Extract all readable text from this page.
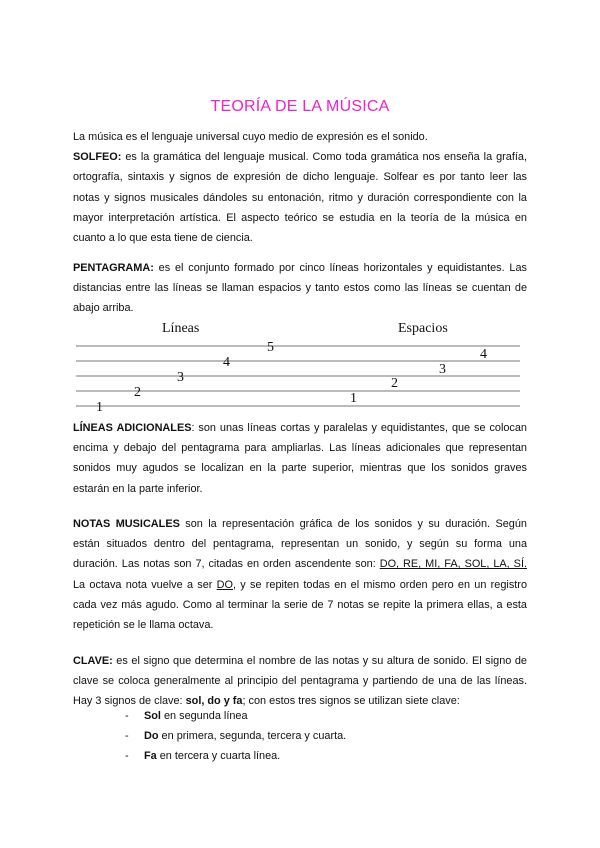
TEORÍA DE LA MÚSICA
La música es el lenguaje universal cuyo medio de expresión es el sonido.
SOLFEO: es la gramática del lenguaje musical. Como toda gramática nos enseña la grafía, ortografía, sintaxis y signos de expresión de dicho lenguaje. Solfear es por tanto leer las notas y signos musicales dándoles su entonación, ritmo y duración correspondiente con la mayor interpretación artística. El aspecto teórico se estudia en la teoría de la música en cuanto a lo que esta tiene de ciencia.
PENTAGRAMA: es el conjunto formado por cinco líneas horizontales y equidistantes. Las distancias entre las líneas se llaman espacios y tanto estos como las líneas se cuentan de abajo arriba.
Líneas	Espacios
1
2
3
4
5
1
2
3
4
LÍNEAS ADICIONALES: son unas líneas cortas y paralelas y equidistantes, que se colocan encima y debajo del pentagrama para ampliarlas. Las líneas adicionales que representan sonidos muy agudos se localizan en la parte superior, mientras que los sonidos graves estarán en la parte inferior.
NOTAS MUSICALES son la representación gráfica de los sonidos y su duración. Según están situados dentro del pentagrama, representan un sonido, y según su forma una duración. Las notas son 7, citadas en orden ascendente son: DO, RE, MI, FA, SOL, LA, SÍ. La octava nota vuelve a ser DO, y se repiten todas en el mismo orden pero en un registro cada vez más agudo. Como al terminar la serie de 7 notas se repite la primera ellas, a esta repetición se le llama octava.
CLAVE: es el signo que determina el nombre de las notas y su altura de sonido. El signo de clave se coloca generalmente al principio del pentagrama y partiendo de una de las líneas. Hay 3 signos de clave: sol, do y fa; con estos tres signos se utilizan siete clave:
-	Sol en segunda línea
-	Do en primera, segunda, tercera y cuarta.
-	Fa en tercera y cuarta línea.
